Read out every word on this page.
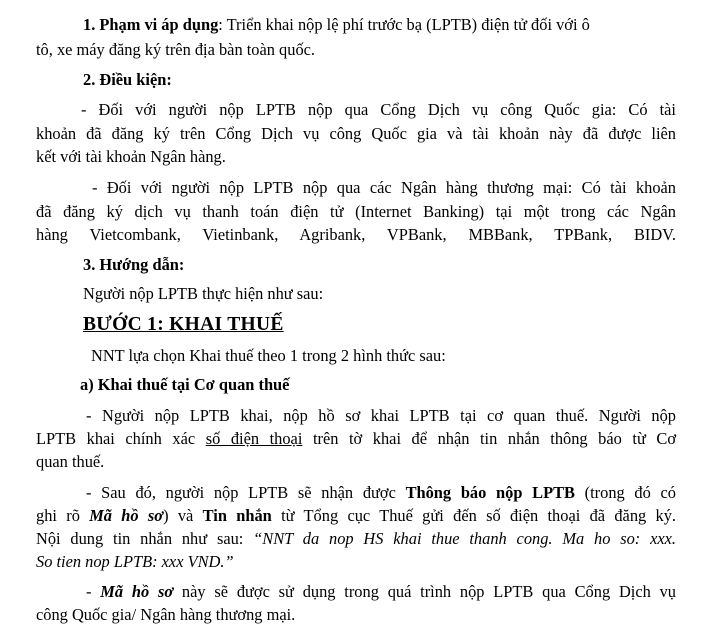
1. Phạm vi áp dụng: Triển khai nộp lệ phí trước bạ (LPTB) điện tử đối với ô
tô, xe máy đăng ký trên địa bàn toàn quốc.
2. Điều kiện:
- Đối với người nộp LPTB nộp qua Cổng Dịch vụ công Quốc gia: Có tài
khoản đã đăng ký trên Cổng Dịch vụ công Quốc gia và tài khoản này đã được liên
kết với tài khoản Ngân hàng.
- Đối với người nộp LPTB nộp qua các Ngân hàng thương mại: Có tài khoản
đã đăng ký dịch vụ thanh toán điện tử (Internet Banking) tại một trong các Ngân
hàng Vietcombank, Vietinbank, Agribank, VPBank, MBBank, TPBank, BIDV.
3. Hướng dẫn:
Người nộp LPTB thực hiện như sau:
BƯỚC 1: KHAI THUẾ
NNT lựa chọn Khai thuế theo 1 trong 2 hình thức sau:
a) Khai thuế tại Cơ quan thuế
- Người nộp LPTB khai, nộp hồ sơ khai LPTB tại cơ quan thuế. Người nộp
LPTB khai chính xác số điện thoại trên tờ khai để nhận tin nhắn thông báo từ Cơ
quan thuế.
- Sau đó, người nộp LPTB sẽ nhận được Thông báo nộp LPTB (trong đó có
ghi rõ Mã hồ sơ) và Tin nhắn từ Tổng cục Thuế gửi đến số điện thoại đã đăng ký.
Nội dung tin nhắn như sau: “NNT da nop HS khai thue thanh cong. Ma ho so: xxx.
So tien nop LPTB: xxx VND.”
- Mã hồ sơ này sẽ được sử dụng trong quá trình nộp LPTB qua Cổng Dịch vụ
công Quốc gia/ Ngân hàng thương mại.
